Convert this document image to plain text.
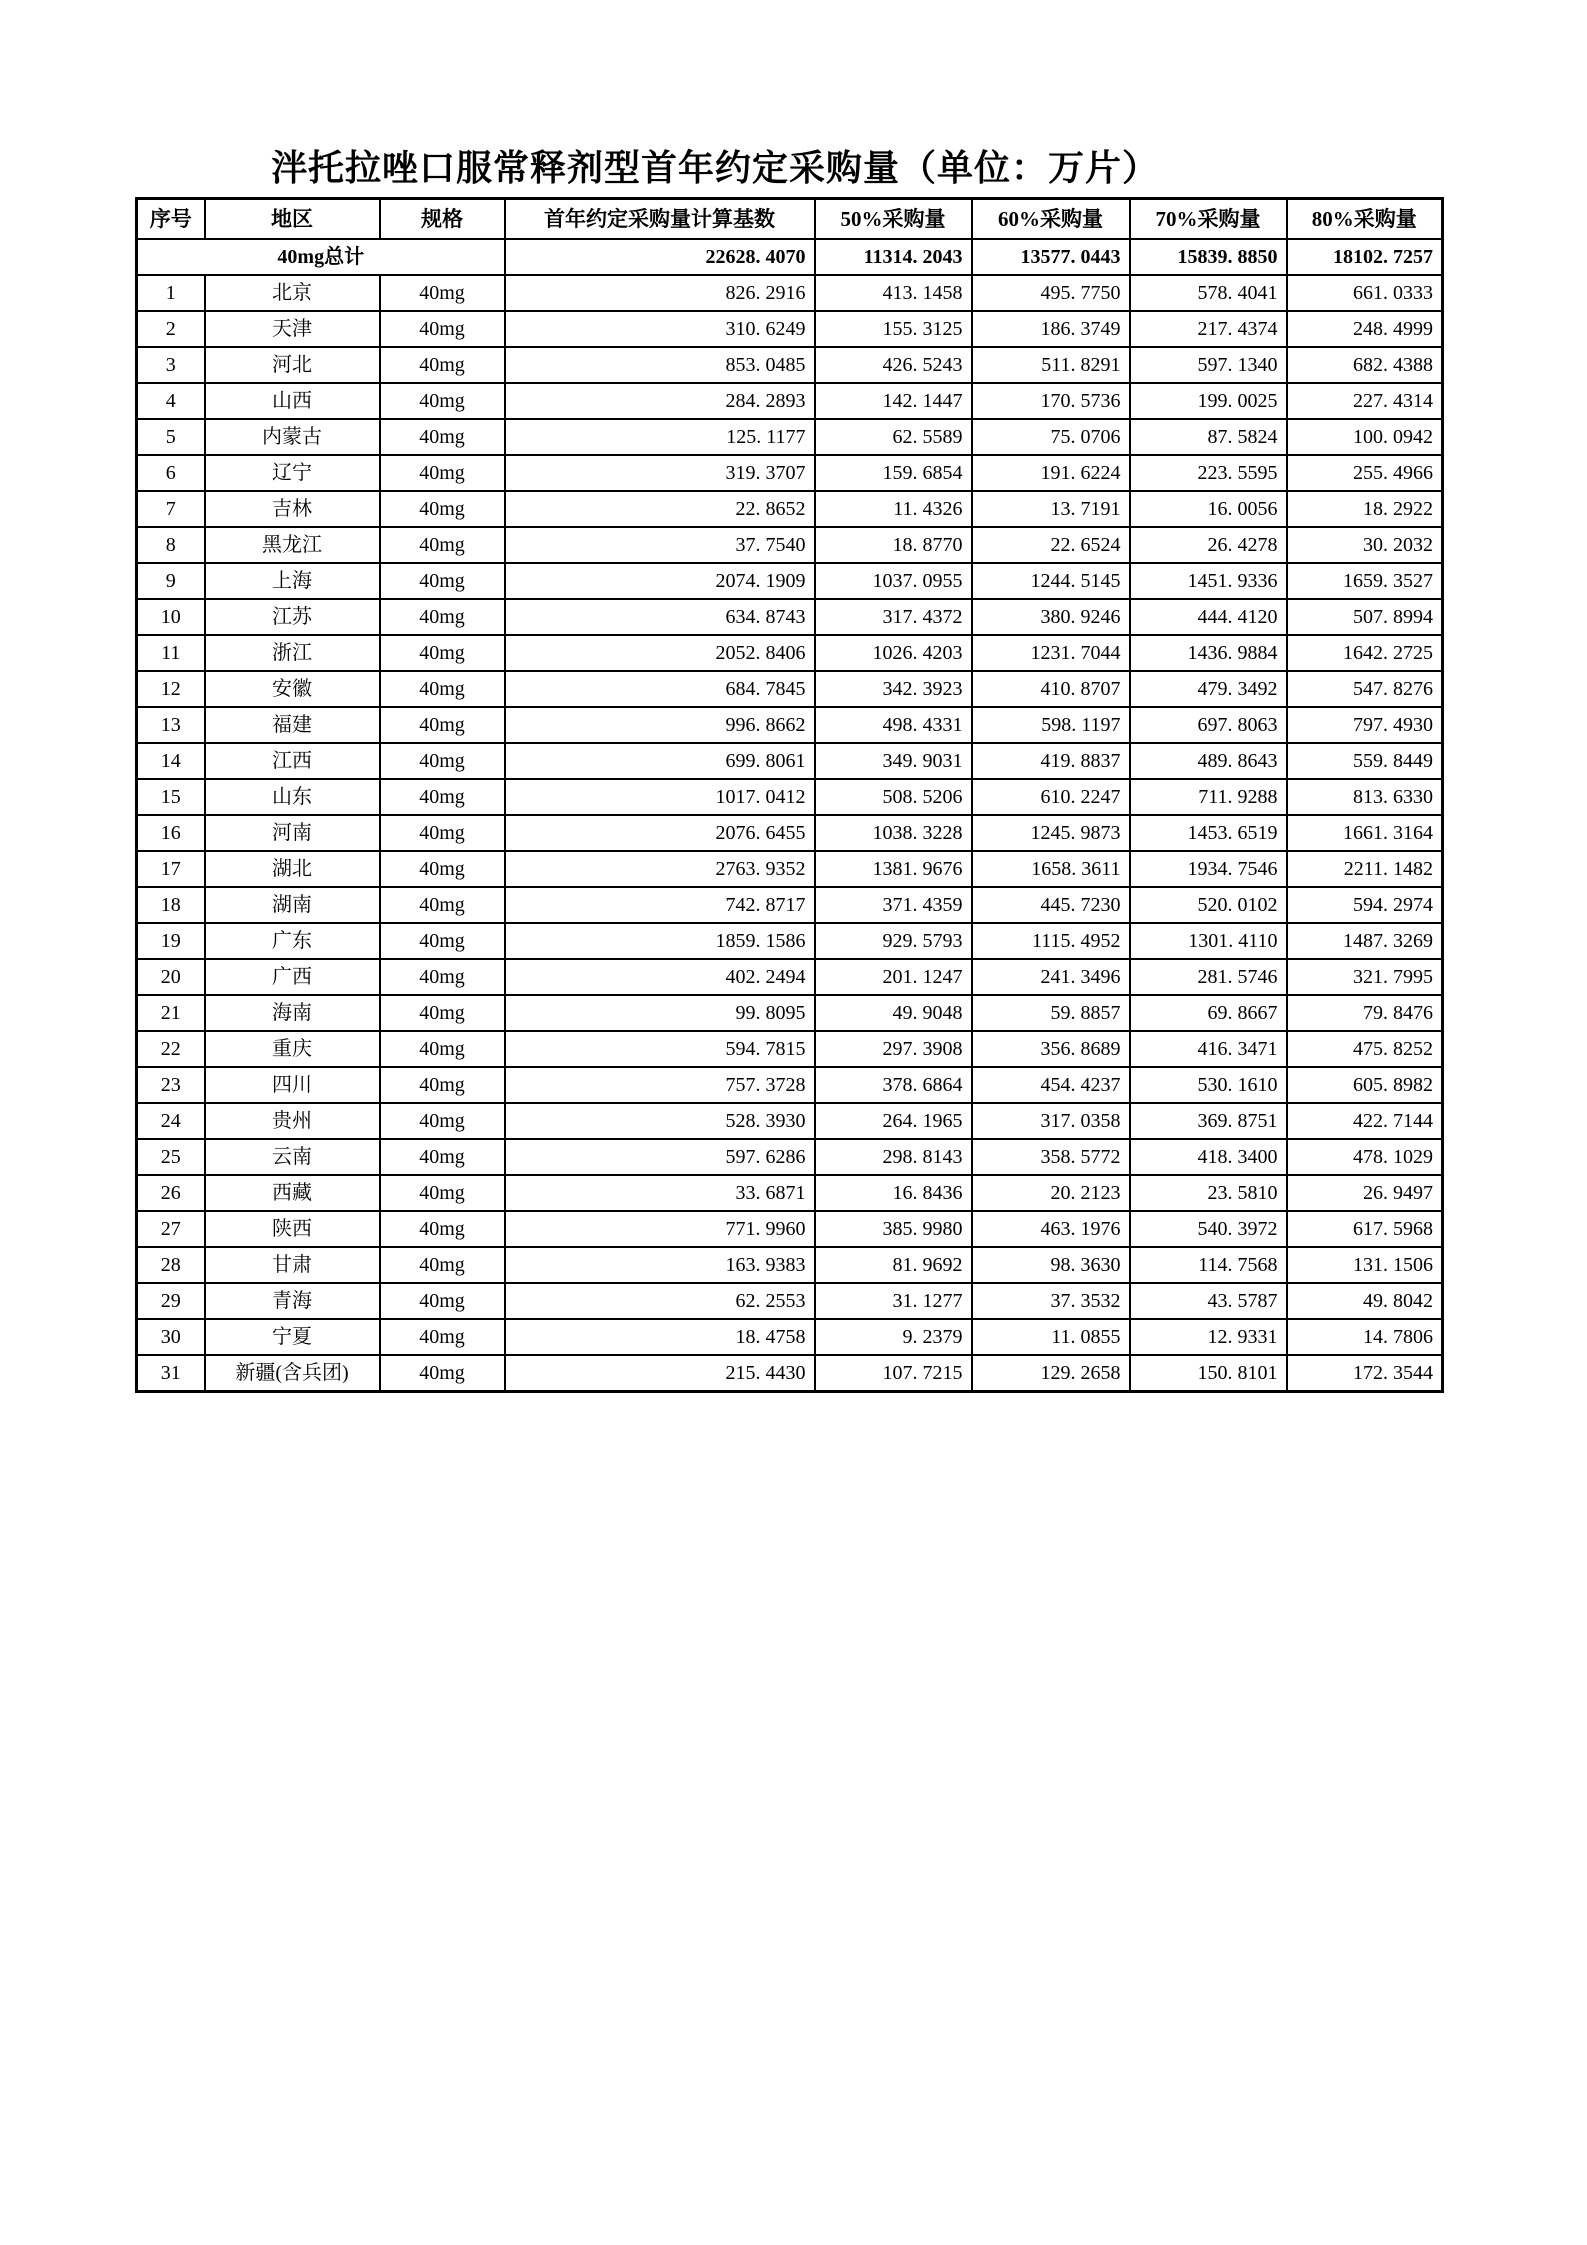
泮托拉唑口服常释剂型首年约定采购量（单位：万片）
序号	地区	规格	首年约定采购量计算基数	50%采购量	60%采购量	70%采购量	80%采购量
40mg总计			22628. 4070	11314. 2043	13577. 0443	15839. 8850	18102. 7257
1	北京	40mg	826. 2916	413. 1458	495. 7750	578. 4041	661. 0333
2	天津	40mg	310. 6249	155. 3125	186. 3749	217. 4374	248. 4999
3	河北	40mg	853. 0485	426. 5243	511. 8291	597. 1340	682. 4388
4	山西	40mg	284. 2893	142. 1447	170. 5736	199. 0025	227. 4314
5	内蒙古	40mg	125. 1177	62. 5589	75. 0706	87. 5824	100. 0942
6	辽宁	40mg	319. 3707	159. 6854	191. 6224	223. 5595	255. 4966
7	吉林	40mg	22. 8652	11. 4326	13. 7191	16. 0056	18. 2922
8	黑龙江	40mg	37. 7540	18. 8770	22. 6524	26. 4278	30. 2032
9	上海	40mg	2074. 1909	1037. 0955	1244. 5145	1451. 9336	1659. 3527
10	江苏	40mg	634. 8743	317. 4372	380. 9246	444. 4120	507. 8994
11	浙江	40mg	2052. 8406	1026. 4203	1231. 7044	1436. 9884	1642. 2725
12	安徽	40mg	684. 7845	342. 3923	410. 8707	479. 3492	547. 8276
13	福建	40mg	996. 8662	498. 4331	598. 1197	697. 8063	797. 4930
14	江西	40mg	699. 8061	349. 9031	419. 8837	489. 8643	559. 8449
15	山东	40mg	1017. 0412	508. 5206	610. 2247	711. 9288	813. 6330
16	河南	40mg	2076. 6455	1038. 3228	1245. 9873	1453. 6519	1661. 3164
17	湖北	40mg	2763. 9352	1381. 9676	1658. 3611	1934. 7546	2211. 1482
18	湖南	40mg	742. 8717	371. 4359	445. 7230	520. 0102	594. 2974
19	广东	40mg	1859. 1586	929. 5793	1115. 4952	1301. 4110	1487. 3269
20	广西	40mg	402. 2494	201. 1247	241. 3496	281. 5746	321. 7995
21	海南	40mg	99. 8095	49. 9048	59. 8857	69. 8667	79. 8476
22	重庆	40mg	594. 7815	297. 3908	356. 8689	416. 3471	475. 8252
23	四川	40mg	757. 3728	378. 6864	454. 4237	530. 1610	605. 8982
24	贵州	40mg	528. 3930	264. 1965	317. 0358	369. 8751	422. 7144
25	云南	40mg	597. 6286	298. 8143	358. 5772	418. 3400	478. 1029
26	西藏	40mg	33. 6871	16. 8436	20. 2123	23. 5810	26. 9497
27	陕西	40mg	771. 9960	385. 9980	463. 1976	540. 3972	617. 5968
28	甘肃	40mg	163. 9383	81. 9692	98. 3630	114. 7568	131. 1506
29	青海	40mg	62. 2553	31. 1277	37. 3532	43. 5787	49. 8042
30	宁夏	40mg	18. 4758	9. 2379	11. 0855	12. 9331	14. 7806
31	新疆(含兵团)	40mg	215. 4430	107. 7215	129. 2658	150. 8101	172. 3544
